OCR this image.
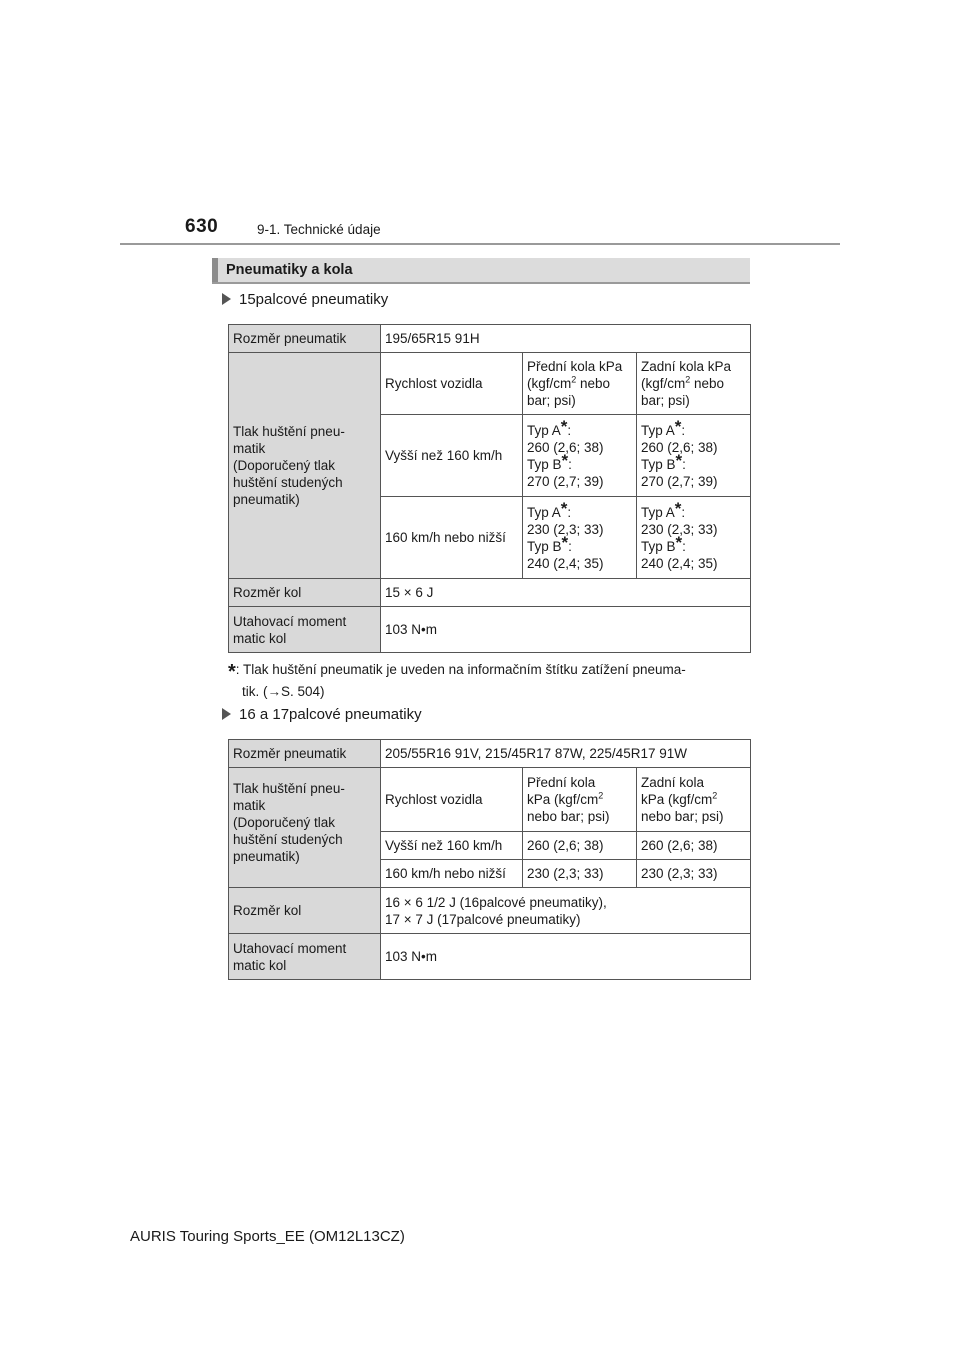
630	9-1. Technické údaje
Pneumatiky a kola
15palcové pneumatiky
Rozměr pneumatik	195/65R15 91H		

Tlak huštění pneu-
matik
(Doporučený tlak
huštění studených
pneumatik)	Rychlost vozidla	Přední kola kPa
($kgf/cm^2$ nebo
bar; psi)	Zadní kola kPa
($kgf/cm^2$ nebo
bar; psi)

	Vyšší než 160 km/h	Typ A*:
260 (2,6; 38)
Typ B*:
270 (2,7; 39)	Typ A*:
260 (2,6; 38)
Typ B*:
270 (2,7; 39)

	160 km/h nebo nižší	Typ A*:
230 (2,3; 33)
Typ B*:
240 (2,4; 35)	Typ A*:
230 (2,3; 33)
Typ B*:
240 (2,4; 35)

Rozměr kol	15 × 6 J		

Utahovací moment
matic kol	103 N•m		
*: Tlak huštění pneumatik je uveden na informačním štítku zatížení pneuma-
tik. (→S. 504)
16 a 17palcové pneumatiky
Rozměr pneumatik	205/55R16 91V, 215/45R17 87W, 225/45R17 91W		

Tlak huštění pneu-
matik
(Doporučený tlak
huštění studených
pneumatik)	Rychlost vozidla	Přední kola
kPa ($kgf/cm^2$
nebo bar; psi)	Zadní kola
kPa ($kgf/cm^2$
nebo bar; psi)

	Vyšší než 160 km/h	260 (2,6; 38)	260 (2,6; 38)
	160 km/h nebo nižší	230 (2,3; 33)	230 (2,3; 33)
Rozměr kol	16 × 6 1/2 J (16palcové pneumatiky),
17 × 7 J (17palcové pneumatiky)		

Utahovací moment
matic kol	103 N•m		
AURIS Touring Sports_EE (OM12L13CZ)
